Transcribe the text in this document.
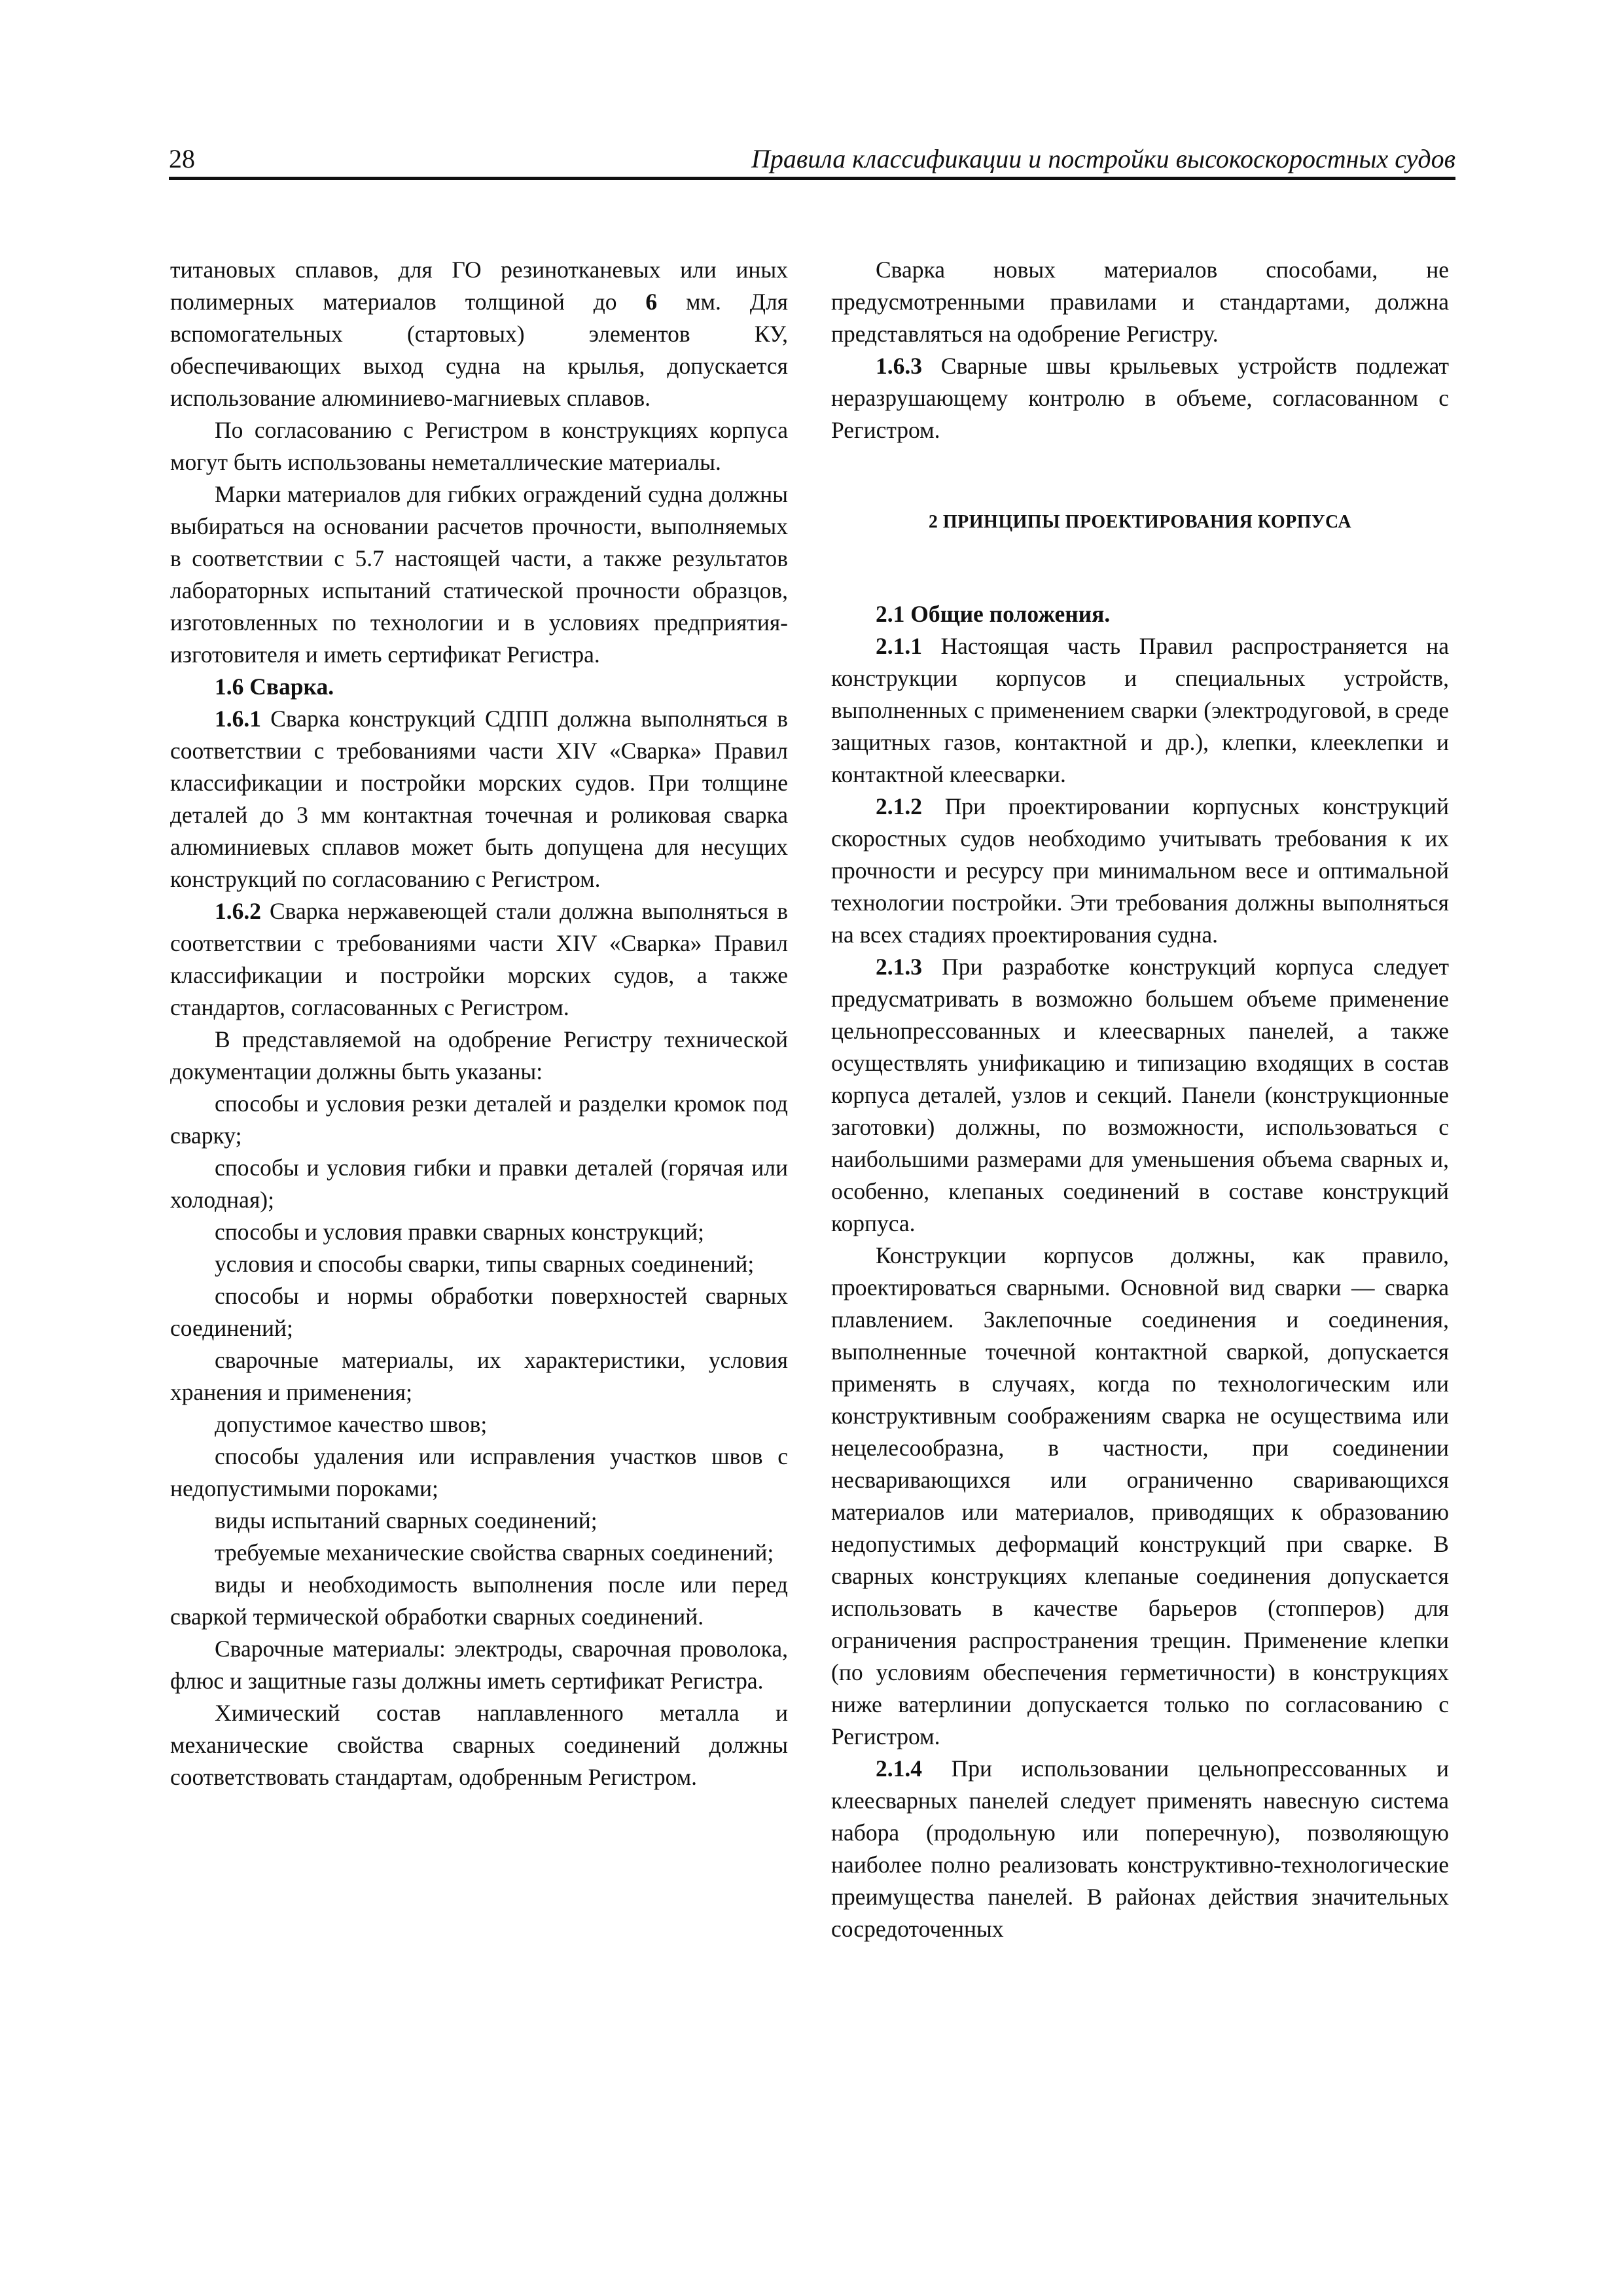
28	Правила классификации и постройки высокоскоростных судов

титановых сплавов, для ГО резинотканевых или иных полимерных материалов толщиной до 6 мм. Для вспомогательных (стартовых) элементов КУ, обеспечивающих выход судна на крылья, допускается использование алюминиево-магниевых сплавов.

По согласованию с Регистром в конструкциях корпуса могут быть использованы неметаллические материалы.

Марки материалов для гибких ограждений судна должны выбираться на основании расчетов прочности, выполняемых в соответствии с 5.7 настоящей части, а также результатов лабораторных испытаний статической прочности образцов, изготовленных по технологии и в условиях предприятия-изготовителя и иметь сертификат Регистра.

1.6 Сварка.

1.6.1 Сварка конструкций СДПП должна выполняться в соответствии с требованиями части XIV «Сварка» Правил классификации и постройки морских судов. При толщине деталей до 3 мм контактная точечная и роликовая сварка алюминиевых сплавов может быть допущена для несущих конструкций по согласованию с Регистром.

1.6.2 Сварка нержавеющей стали должна выполняться в соответствии с требованиями части XIV «Сварка» Правил классификации и постройки морских судов, а также стандартов, согласованных с Регистром.

В представляемой на одобрение Регистру технической документации должны быть указаны:

способы и условия резки деталей и разделки кромок под сварку;

способы и условия гибки и правки деталей (горячая или холодная);

способы и условия правки сварных конструкций;

условия и способы сварки, типы сварных соединений;

способы и нормы обработки поверхностей сварных соединений;

сварочные материалы, их характеристики, условия хранения и применения;

допустимое качество швов;

способы удаления или исправления участков швов с недопустимыми пороками;

виды испытаний сварных соединений;

требуемые механические свойства сварных соединений;

виды и необходимость выполнения после или перед сваркой термической обработки сварных соединений.

Сварочные материалы: электроды, сварочная проволока, флюс и защитные газы должны иметь сертификат Регистра.

Химический состав наплавленного металла и механические свойства сварных соединений должны соответствовать стандартам, одобренным Регистром.

Сварка новых материалов способами, не предусмотренными правилами и стандартами, должна представляться на одобрение Регистру.

1.6.3 Сварные швы крыльевых устройств подлежат неразрушающему контролю в объеме, согласованном с Регистром.

2 ПРИНЦИПЫ ПРОЕКТИРОВАНИЯ КОРПУСА

2.1 Общие положения.

2.1.1 Настоящая часть Правил распространяется на конструкции корпусов и специальных устройств, выполненных с применением сварки (электродуговой, в среде защитных газов, контактной и др.), клепки, клееклепки и контактной клеесварки.

2.1.2 При проектировании корпусных конструкций скоростных судов необходимо учитывать требования к их прочности и ресурсу при минимальном весе и оптимальной технологии постройки. Эти требования должны выполняться на всех стадиях проектирования судна.

2.1.3 При разработке конструкций корпуса следует предусматривать в возможно большем объеме применение цельнопрессованных и клеесварных панелей, а также осуществлять унификацию и типизацию входящих в состав корпуса деталей, узлов и секций. Панели (конструкционные заготовки) должны, по возможности, использоваться с наибольшими размерами для уменьшения объема сварных и, особенно, клепаных соединений в составе конструкций корпуса.

Конструкции корпусов должны, как правило, проектироваться сварными. Основной вид сварки — сварка плавлением. Заклепочные соединения и соединения, выполненные точечной контактной сваркой, допускается применять в случаях, когда по технологическим или конструктивным соображениям сварка не осуществима или нецелесообразна, в частности, при соединении несваривающихся или ограниченно сваривающихся материалов или материалов, приводящих к образованию недопустимых деформаций конструкций при сварке. В сварных конструкциях клепаные соединения допускается использовать в качестве барьеров (стопперов) для ограничения распространения трещин. Применение клепки (по условиям обеспечения герметичности) в конструкциях ниже ватерлинии допускается только по согласованию с Регистром.

2.1.4 При использовании цельнопрессованных и клеесварных панелей следует применять навесную система набора (продольную или поперечную), позволяющую наиболее полно реализовать конструктивно-технологические преимущества панелей. В районах действия значительных сосредоточенных
